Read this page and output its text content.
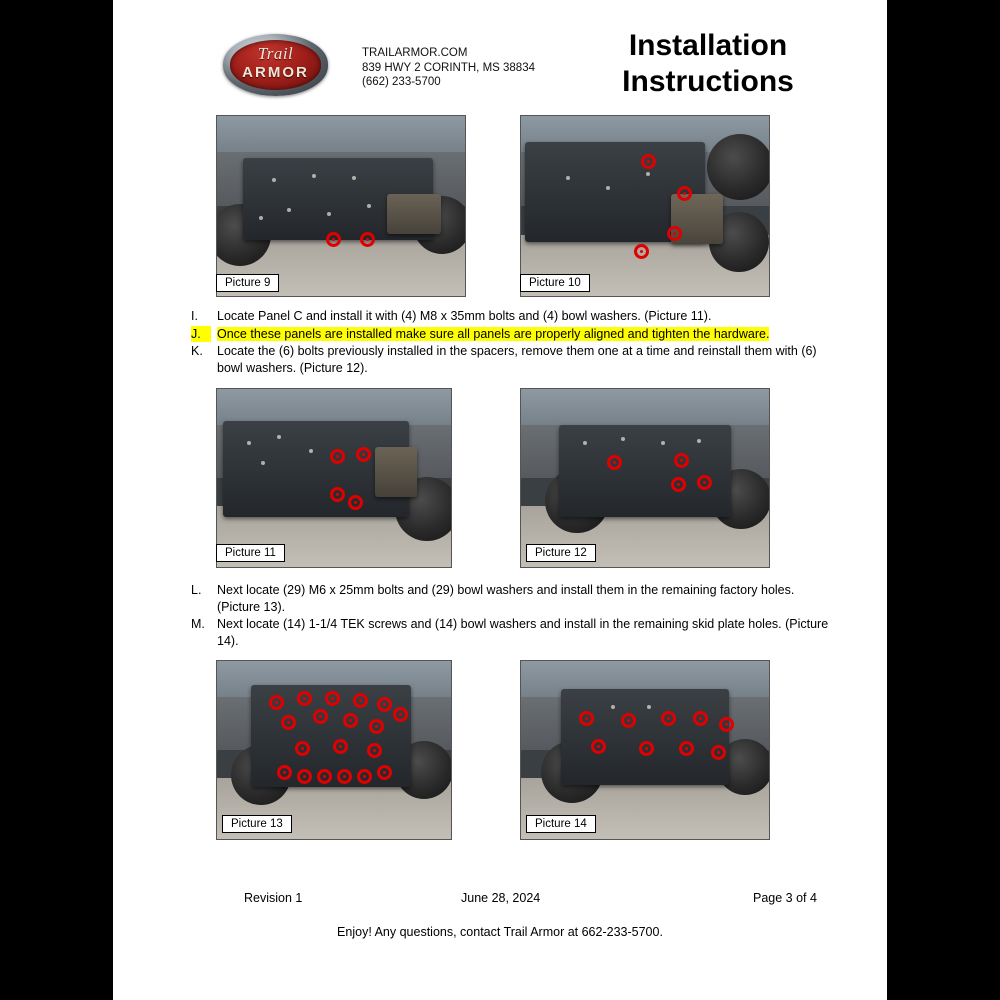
Trail
ARMOR
TRAILARMOR.COM
839 HWY 2 CORINTH, MS 38834
(662) 233-5700
Installation
Instructions
Picture 9	Picture 10
I.	Locate Panel C and install it with (4) M8 x 35mm bolts and (4) bowl washers. (Picture 11).
J.	Once these panels are installed make sure all panels are properly aligned and tighten the hardware.
K.	Locate the (6) bolts previously installed in the spacers, remove them one at a time and reinstall them with (6) bowl washers. (Picture 12).
Picture 11	Picture 12
L.	Next locate (29) M6 x 25mm bolts and (29) bowl washers and install them in the remaining factory holes. (Picture 13).
M. Next locate (14) 1-1/4 TEK screws and (14) bowl washers and install in the remaining skid plate holes. (Picture 14).
Picture 13	Picture 14
Revision 1	June 28, 2024	Page 3 of 4
Enjoy! Any questions, contact Trail Armor at 662-233-5700.
